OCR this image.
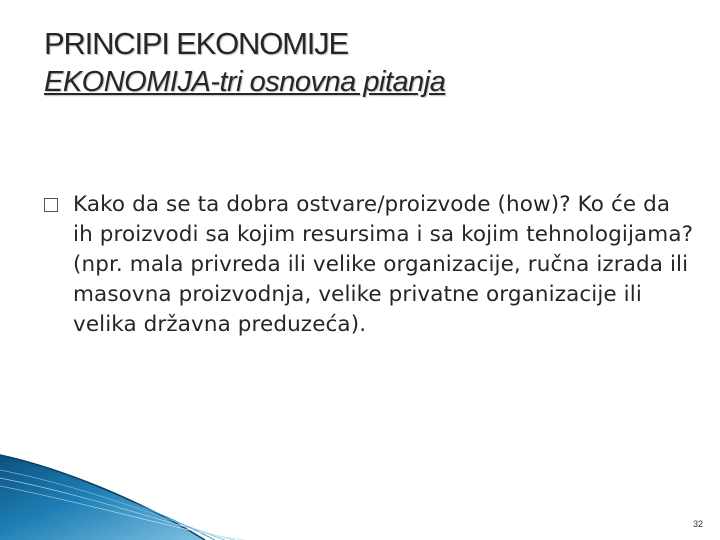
PRINCIPI EKONOMIJE
EKONOMIJA-tri osnovna pitanja
Kako da se ta dobra ostvare/proizvode (how)? Ko će da ih proizvodi sa kojim resursima i sa kojim tehnologijama? (npr. mala privreda ili velike organizacije, ručna izrada ili masovna proizvodnja, velike privatne organizacije ili velika državna preduzeća).
32
